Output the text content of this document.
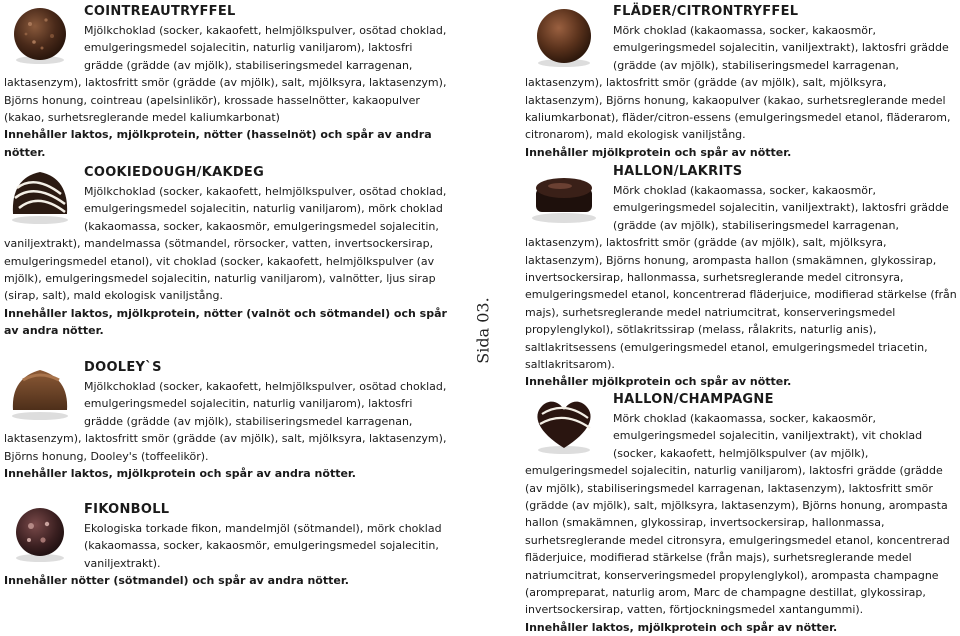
COINTREAUTRYFFEL
Mjölkchoklad (socker, kakaofett, helmjölkspulver, osötad choklad, emulgeringsmedel sojalecitin, naturlig vaniljarom), laktosfri grädde (grädde (av mjölk), stabiliseringsmedel karragenan, laktasenzym), laktosfritt smör (grädde (av mjölk), salt, mjölksyra, laktasenzym), Björns honung, cointreau (apelsinlikör), krossade hasselnötter, kakaopulver (kakao, surhetsreglerande medel kaliumkarbonat)
Innehåller laktos, mjölkprotein, nötter (hasselnöt) och spår av andra nötter.
COOKIEDOUGH/KAKDEG
Mjölkchoklad (socker, kakaofett, helmjölkspulver, osötad choklad, emulgeringsmedel sojalecitin, naturlig vaniljarom), mörk choklad (kakaomassa, socker, kakaosmör, emulgeringsmedel sojalecitin, vaniljextrakt), mandelmassa (sötmandel, rörsocker, vatten, invertsockersirap, emulgeringsmedel etanol), vit choklad (socker, kakaofett, helmjölkspulver (av mjölk), emulgeringsmedel sojalecitin, naturlig vaniljarom), valnötter, ljus sirap (sirap, salt), mald ekologisk vaniljstång.
Innehåller laktos, mjölkprotein, nötter (valnöt och sötmandel) och spår av andra nötter.
DOOLEY`S
Mjölkchoklad (socker, kakaofett, helmjölkspulver, osötad choklad, emulgeringsmedel sojalecitin, naturlig vaniljarom), laktosfri grädde (grädde (av mjölk), stabiliseringsmedel karragenan, laktasenzym), laktosfritt smör (grädde (av mjölk), salt, mjölksyra, laktasenzym), Björns honung, Dooley's (toffeelikör).
Innehåller laktos, mjölkprotein och spår av andra nötter.
FIKONBOLL
Ekologiska torkade fikon, mandelmjöl (sötmandel), mörk choklad (kakaomassa, socker, kakaosmör, emulgeringsmedel sojalecitin, vaniljextrakt).
Innehåller nötter (sötmandel) och spår av andra nötter.
Sida 03.
FLÄDER/CITRONTRYFFEL
Mörk choklad (kakaomassa, socker, kakaosmör, emulgeringsmedel sojalecitin, vaniljextrakt), laktosfri grädde (grädde (av mjölk), stabiliseringsmedel karragenan, laktasenzym), laktosfritt smör (grädde (av mjölk), salt, mjölksyra, laktasenzym), Björns honung, kakaopulver (kakao, surhetsreglerande medel kaliumkarbonat), fläder/citron-essens (emulgeringsmedel etanol, fläderarom, citronarom), mald ekologisk vaniljstång.
Innehåller mjölkprotein och spår av nötter.
HALLON/LAKRITS
Mörk choklad (kakaomassa, socker, kakaosmör, emulgeringsmedel sojalecitin, vaniljextrakt), laktosfri grädde (grädde (av mjölk), stabiliseringsmedel karragenan, laktasenzym), laktosfritt smör (grädde (av mjölk), salt, mjölksyra, laktasenzym), Björns honung, arompasta hallon (smakämnen, glykossirap, invertsockersirap, hallonmassa, surhetsreglerande medel citronsyra, emulgeringsmedel etanol, koncentrerad fläderjuice, modifierad stärkelse (från majs), surhetsreglerande medel natriumcitrat, konserveringsmedel propylenglykol), sötlakritssirap (melass, rålakrits, naturlig anis), saltlakritsessens (emulgeringsmedel etanol, emulgeringsmedel triacetin, saltlakritsarom).
Innehåller mjölkprotein och spår av nötter.
HALLON/CHAMPAGNE
Mörk choklad (kakaomassa, socker, kakaosmör, emulgeringsmedel sojalecitin, vaniljextrakt), vit choklad (socker, kakaofett, helmjölkspulver (av mjölk), emulgeringsmedel sojalecitin, naturlig vaniljarom), laktosfri grädde (grädde (av mjölk), stabiliseringsmedel karragenan, laktasenzym), laktosfritt smör (grädde (av mjölk), salt, mjölksyra, laktasenzym), Björns honung, arompasta hallon (smakämnen, glykossirap, invertsockersirap, hallonmassa, surhetsreglerande medel citronsyra, emulgeringsmedel etanol, koncentrerad fläderjuice, modifierad stärkelse (från majs), surhetsreglerande medel natriumcitrat, konserveringsmedel propylenglykol), arompasta champagne (arompreparat, naturlig arom, Marc de champagne destillat, glykossirap, invertsockersirap, vatten, förtjockningsmedel xantangummi).
Innehåller laktos, mjölkprotein och spår av nötter.
